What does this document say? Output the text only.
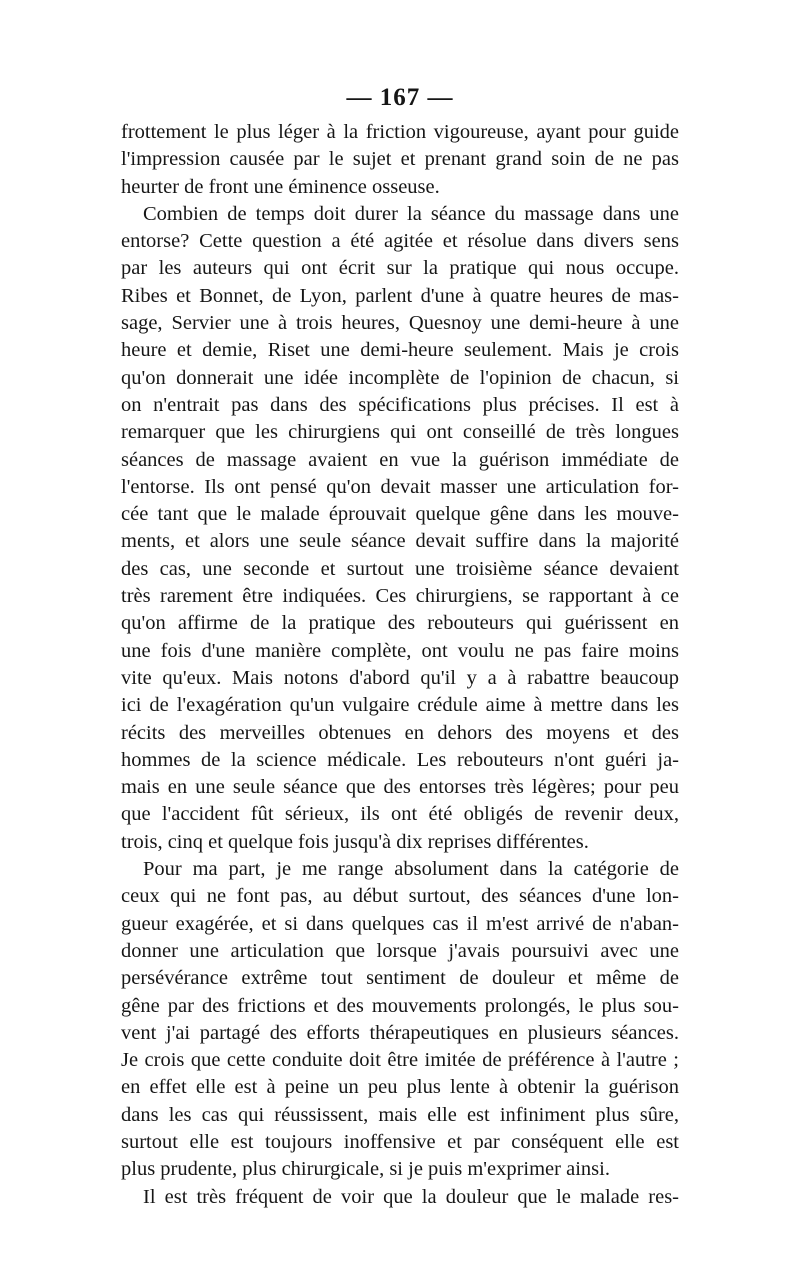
— 167 —
frottement le plus léger à la friction vigoureuse, ayant pour guide
l'impression causée par le sujet et prenant grand soin de ne pas
heurter de front une éminence osseuse.
Combien de temps doit durer la séance du massage dans une
entorse? Cette question a été agitée et résolue dans divers sens
par les auteurs qui ont écrit sur la pratique qui nous occupe.
Ribes et Bonnet, de Lyon, parlent d'une à quatre heures de mas-
sage, Servier une à trois heures, Quesnoy une demi-heure à une
heure et demie, Riset une demi-heure seulement. Mais je crois
qu'on donnerait une idée incomplète de l'opinion de chacun, si
on n'entrait pas dans des spécifications plus précises. Il est à
remarquer que les chirurgiens qui ont conseillé de très longues
séances de massage avaient en vue la guérison immédiate de
l'entorse. Ils ont pensé qu'on devait masser une articulation for-
cée tant que le malade éprouvait quelque gêne dans les mouve-
ments, et alors une seule séance devait suffire dans la majorité
des cas, une seconde et surtout une troisième séance devaient
très rarement être indiquées. Ces chirurgiens, se rapportant à ce
qu'on affirme de la pratique des rebouteurs qui guérissent en
une fois d'une manière complète, ont voulu ne pas faire moins
vite qu'eux. Mais notons d'abord qu'il y a à rabattre beaucoup
ici de l'exagération qu'un vulgaire crédule aime à mettre dans les
récits des merveilles obtenues en dehors des moyens et des
hommes de la science médicale. Les rebouteurs n'ont guéri ja-
mais en une seule séance que des entorses très légères; pour peu
que l'accident fût sérieux, ils ont été obligés de revenir deux,
trois, cinq et quelque fois jusqu'à dix reprises différentes.
Pour ma part, je me range absolument dans la catégorie de
ceux qui ne font pas, au début surtout, des séances d'une lon-
gueur exagérée, et si dans quelques cas il m'est arrivé de n'aban-
donner une articulation que lorsque j'avais poursuivi avec une
persévérance extrême tout sentiment de douleur et même de
gêne par des frictions et des mouvements prolongés, le plus sou-
vent j'ai partagé des efforts thérapeutiques en plusieurs séances.
Je crois que cette conduite doit être imitée de préférence à l'autre ;
en effet elle est à peine un peu plus lente à obtenir la guérison
dans les cas qui réussissent, mais elle est infiniment plus sûre,
surtout elle est toujours inoffensive et par conséquent elle est
plus prudente, plus chirurgicale, si je puis m'exprimer ainsi.
Il est très fréquent de voir que la douleur que le malade res-
